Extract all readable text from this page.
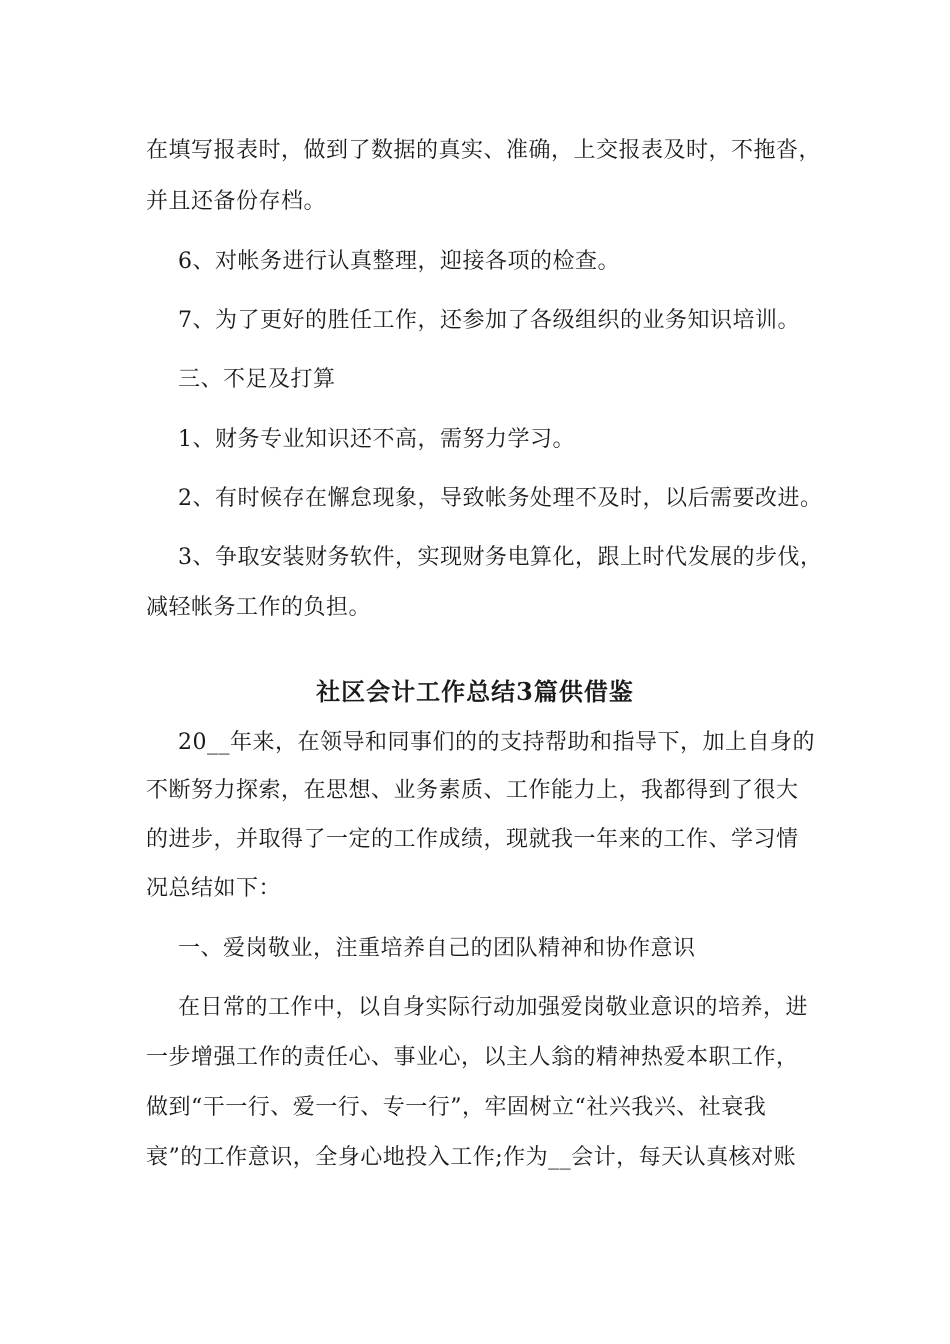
在填写报表时，做到了数据的真实、准确，上交报表及时，不拖沓，
并且还备份存档。
6、对帐务进行认真整理，迎接各项的检查。
7、为了更好的胜任工作，还参加了各级组织的业务知识培训。
三、不足及打算
1、财务专业知识还不高，需努力学习。
2、有时候存在懈怠现象，导致帐务处理不及时，以后需要改进。
3、争取安装财务软件，实现财务电算化，跟上时代发展的步伐，
减轻帐务工作的负担。
社区会计工作总结3篇供借鉴
20__年来，在领导和同事们的的支持帮助和指导下，加上自身的
不断努力探索，在思想、业务素质、工作能力上，我都得到了很大
的进步，并取得了一定的工作成绩，现就我一年来的工作、学习情
况总结如下：
一、爱岗敬业，注重培养自己的团队精神和协作意识
在日常的工作中，以自身实际行动加强爱岗敬业意识的培养，进
一步增强工作的责任心、事业心，以主人翁的精神热爱本职工作，
做到“干一行、爱一行、专一行”，牢固树立“社兴我兴、社衰我
衰”的工作意识，全身心地投入工作;作为__会计，每天认真核对账
